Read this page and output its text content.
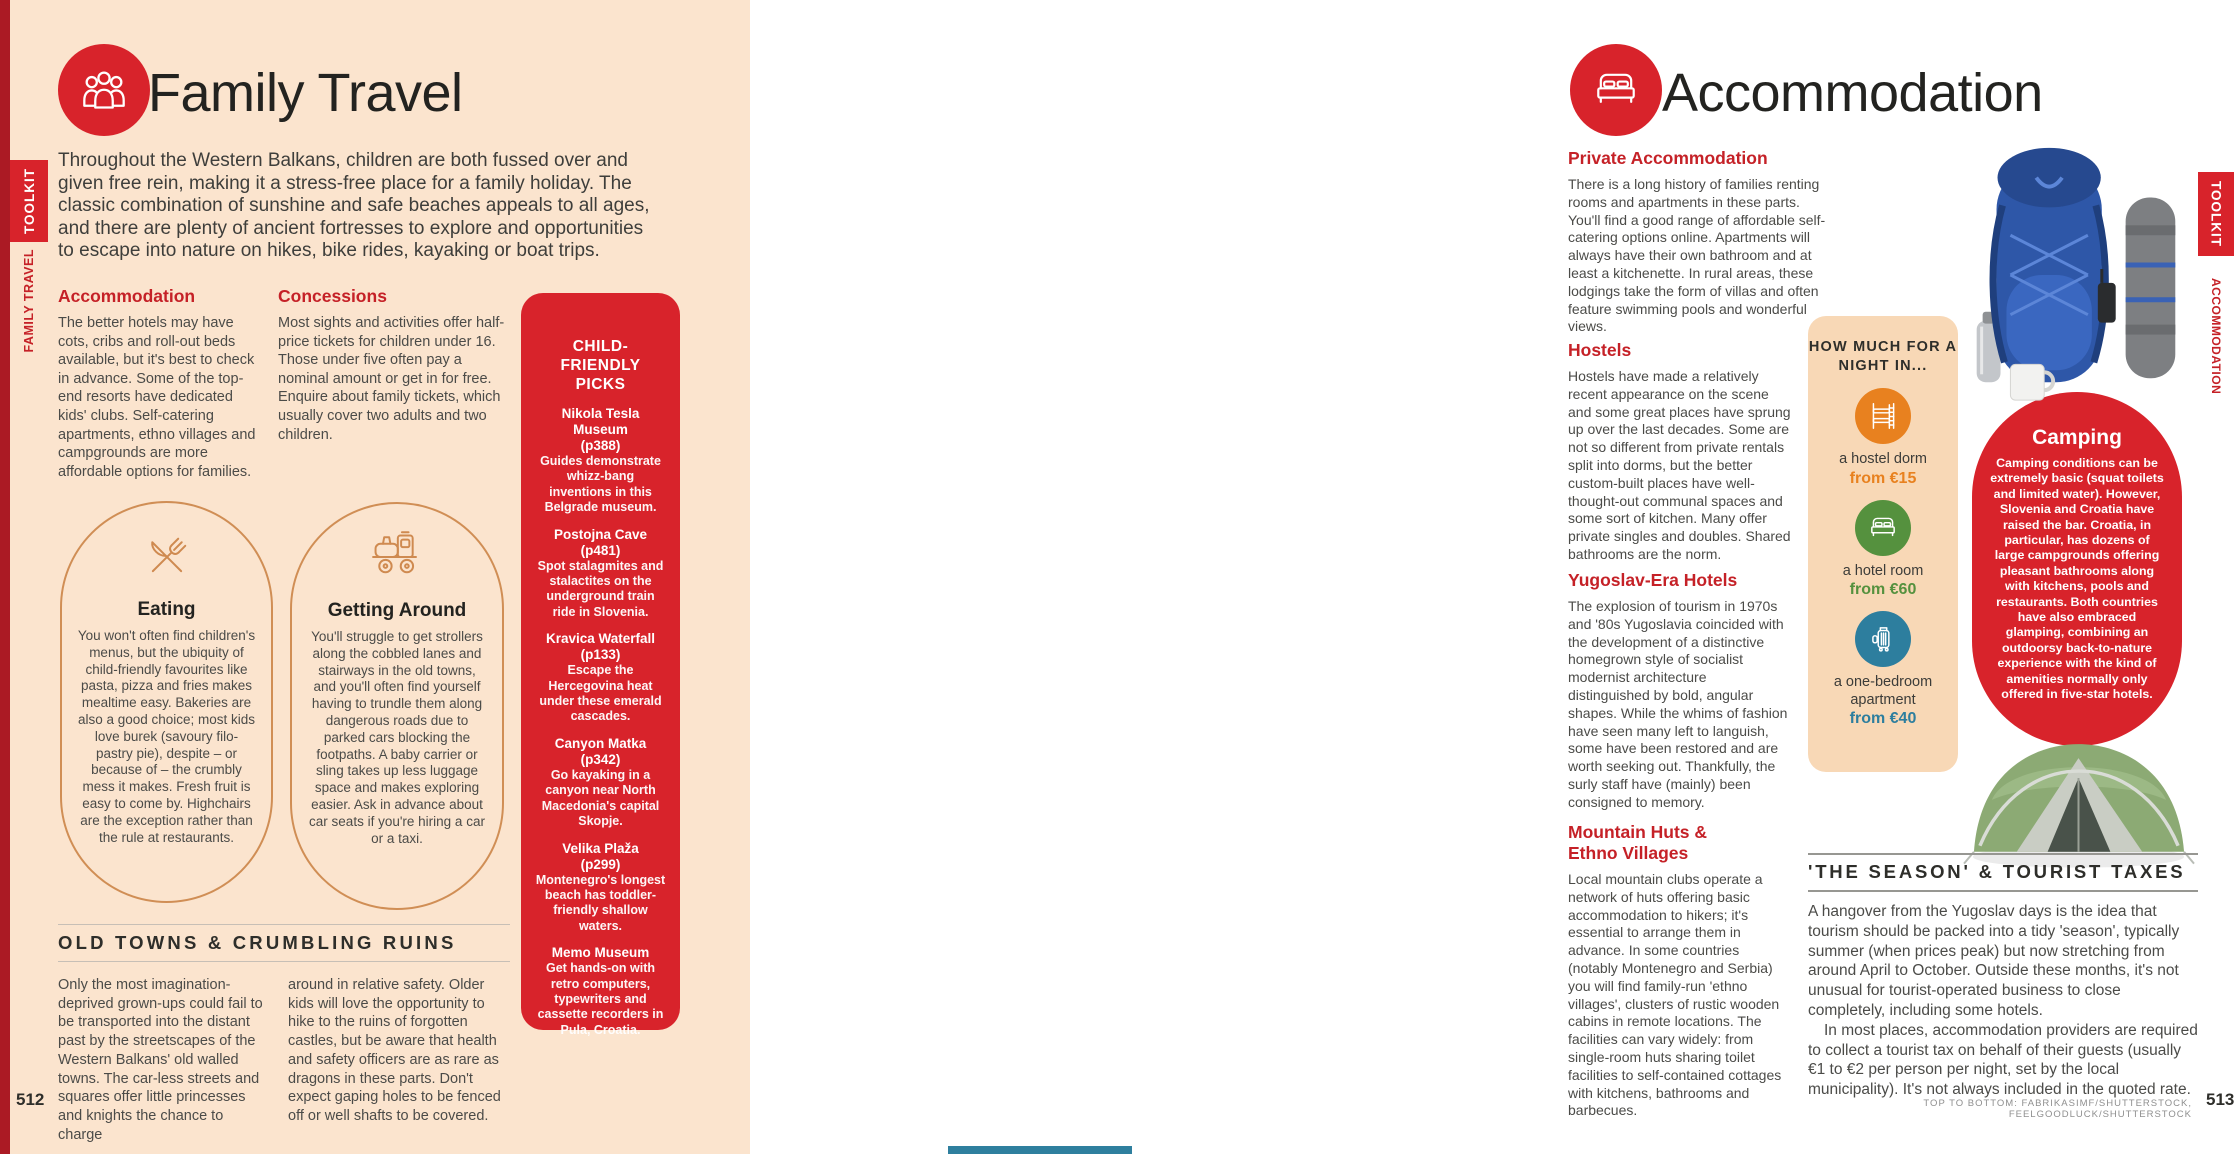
TOOLKIT
FAMILY TRAVEL
Family Travel
Throughout the Western Balkans, children are both fussed over and given free rein, making it a stress-free place for a family holiday. The classic combination of sunshine and safe beaches appeals to all ages, and there are plenty of ancient fortresses to explore and opportunities to escape into nature on hikes, bike rides, kayaking or boat trips.
Accommodation
The better hotels may have cots, cribs and roll-out beds available, but it's best to check in advance. Some of the top-end resorts have dedicated kids' clubs. Self-catering apartments, ethno villages and campgrounds are more affordable options for families.
Concessions
Most sights and activities offer half-price tickets for children under 16. Those under five often pay a nominal amount or get in for free. Enquire about family tickets, which usually cover two adults and two children.
Eating
You won't often find children's menus, but the ubiquity of child-friendly favourites like pasta, pizza and fries makes mealtime easy. Bakeries are also a good choice; most kids love burek (savoury filo-pastry pie), despite – or because of – the crumbly mess it makes. Fresh fruit is easy to come by. Highchairs are the exception rather than the rule at restaurants.
Getting Around
You'll struggle to get strollers along the cobbled lanes and stairways in the old towns, and you'll often find yourself having to trundle them along dangerous roads due to parked cars blocking the footpaths. A baby carrier or sling takes up less luggage space and makes exploring easier. Ask in advance about car seats if you're hiring a car or a taxi.
CHILD-FRIENDLY PICKS
Nikola Tesla Museum
(p388)
Guides demonstrate whizz-bang inventions in this Belgrade museum.
Postojna Cave
(p481)
Spot stalagmites and stalactites on the underground train ride in Slovenia.
Kravica Waterfall
(p133)
Escape the Hercegovina heat under these emerald cascades.
Canyon Matka
(p342)
Go kayaking in a canyon near North Macedonia's capital Skopje.
Velika Plaža
(p299)
Montenegro's longest beach has toddler-friendly shallow waters.
Memo Museum
Get hands-on with retro computers, typewriters and cassette recorders in Pula, Croatia.
OLD TOWNS & CRUMBLING RUINS
Only the most imagination-deprived grown-ups could fail to be transported into the distant past by the streetscapes of the Western Balkans' old walled towns. The car-less streets and squares offer little princesses and knights the chance to charge
around in relative safety. Older kids will love the opportunity to hike to the ruins of forgotten castles, but be aware that health and safety officers are as rare as dragons in these parts. Don't expect gaping holes to be fenced off or well shafts to be covered.
512
Accommodation
Private Accommodation
There is a long history of families renting rooms and apartments in these parts. You'll find a good range of affordable self-catering options online. Apartments will always have their own bathroom and at least a kitchenette. In rural areas, these lodgings take the form of villas and often feature swimming pools and wonderful views.
Hostels
Hostels have made a relatively recent appearance on the scene and some great places have sprung up over the last decades. Some are not so different from private rentals split into dorms, but the better custom-built places have well-thought-out communal spaces and some sort of kitchen. Many offer private singles and doubles. Shared bathrooms are the norm.
Yugoslav-Era Hotels
The explosion of tourism in 1970s and '80s Yugoslavia coincided with the development of a distinctive homegrown style of socialist modernist architecture distinguished by bold, angular shapes. While the whims of fashion have seen many left to languish, some have been restored and are worth seeking out. Thankfully, the surly staff have (mainly) been consigned to memory.
Mountain Huts & Ethno Villages
Local mountain clubs operate a network of huts offering basic accommodation to hikers; it's essential to arrange them in advance. In some countries (notably Montenegro and Serbia) you will find family-run 'ethno villages', clusters of rustic wooden cabins in remote locations. The facilities can vary widely: from single-room huts sharing toilet facilities to self-contained cottages with kitchens, bathrooms and barbecues.
HOW MUCH FOR A NIGHT IN...
a hostel dorm
from €15
a hotel room
from €60
a one-bedroom apartment
from €40
Camping
Camping conditions can be extremely basic (squat toilets and limited water). However, Slovenia and Croatia have raised the bar. Croatia, in particular, has dozens of large campgrounds offering pleasant bathrooms along with kitchens, pools and restaurants. Both countries have also embraced glamping, combining an outdoorsy back-to-nature experience with the kind of amenities normally only offered in five-star hotels.
'THE SEASON' & TOURIST TAXES
A hangover from the Yugoslav days is the idea that tourism should be packed into a tidy 'season', typically summer (when prices peak) but now stretching from around April to October. Outside these months, it's not unusual for tourist-operated business to close completely, including some hotels.
In most places, accommodation providers are required to collect a tourist tax on behalf of their guests (usually €1 to €2 per person per night, set by the local municipality). It's not always included in the quoted rate.
TOP TO BOTTOM: FABRIKASIMF/SHUTTERSTOCK, FEELGOODLUCK/SHUTTERSTOCK
513
TOOLKIT
ACCOMMODATION
